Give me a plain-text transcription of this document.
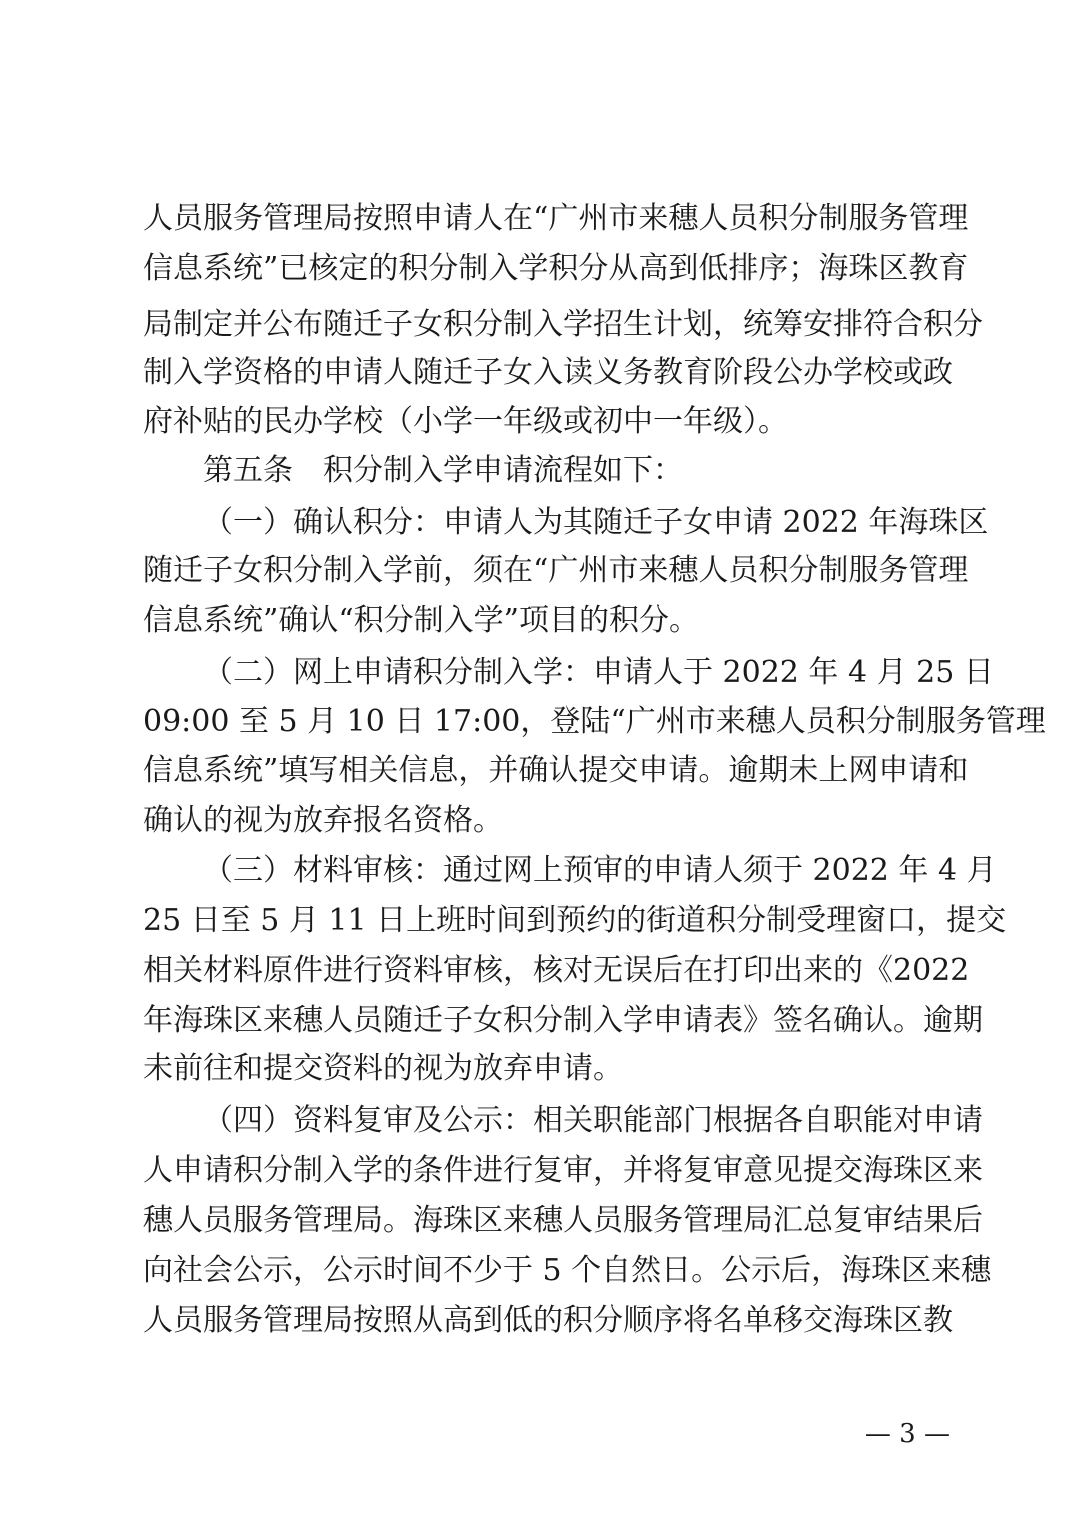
人员服务管理局按照申请人在“广州市来穗人员积分制服务管理
信息系统”已核定的积分制入学积分从高到低排序；海珠区教育
局制定并公布随迁子女积分制入学招生计划，统筹安排符合积分
制入学资格的申请人随迁子女入读义务教育阶段公办学校或政
府补贴的民办学校（小学一年级或初中一年级）。
第五条　积分制入学申请流程如下：
（一）确认积分：申请人为其随迁子女申请 2022 年海珠区
随迁子女积分制入学前，须在“广州市来穗人员积分制服务管理
信息系统”确认“积分制入学”项目的积分。
（二）网上申请积分制入学：申请人于 2022 年 4 月 25 日
09:00 至 5 月 10 日 17:00，登陆“广州市来穗人员积分制服务管理
信息系统”填写相关信息，并确认提交申请。逾期未上网申请和
确认的视为放弃报名资格。
（三）材料审核：通过网上预审的申请人须于 2022 年 4 月
25 日至 5 月 11 日上班时间到预约的街道积分制受理窗口，提交
相关材料原件进行资料审核，核对无误后在打印出来的《2022
年海珠区来穗人员随迁子女积分制入学申请表》签名确认。逾期
未前往和提交资料的视为放弃申请。
（四）资料复审及公示：相关职能部门根据各自职能对申请
人申请积分制入学的条件进行复审，并将复审意见提交海珠区来
穗人员服务管理局。海珠区来穗人员服务管理局汇总复审结果后
向社会公示，公示时间不少于 5 个自然日。公示后，海珠区来穗
人员服务管理局按照从高到低的积分顺序将名单移交海珠区教
— 3 —
